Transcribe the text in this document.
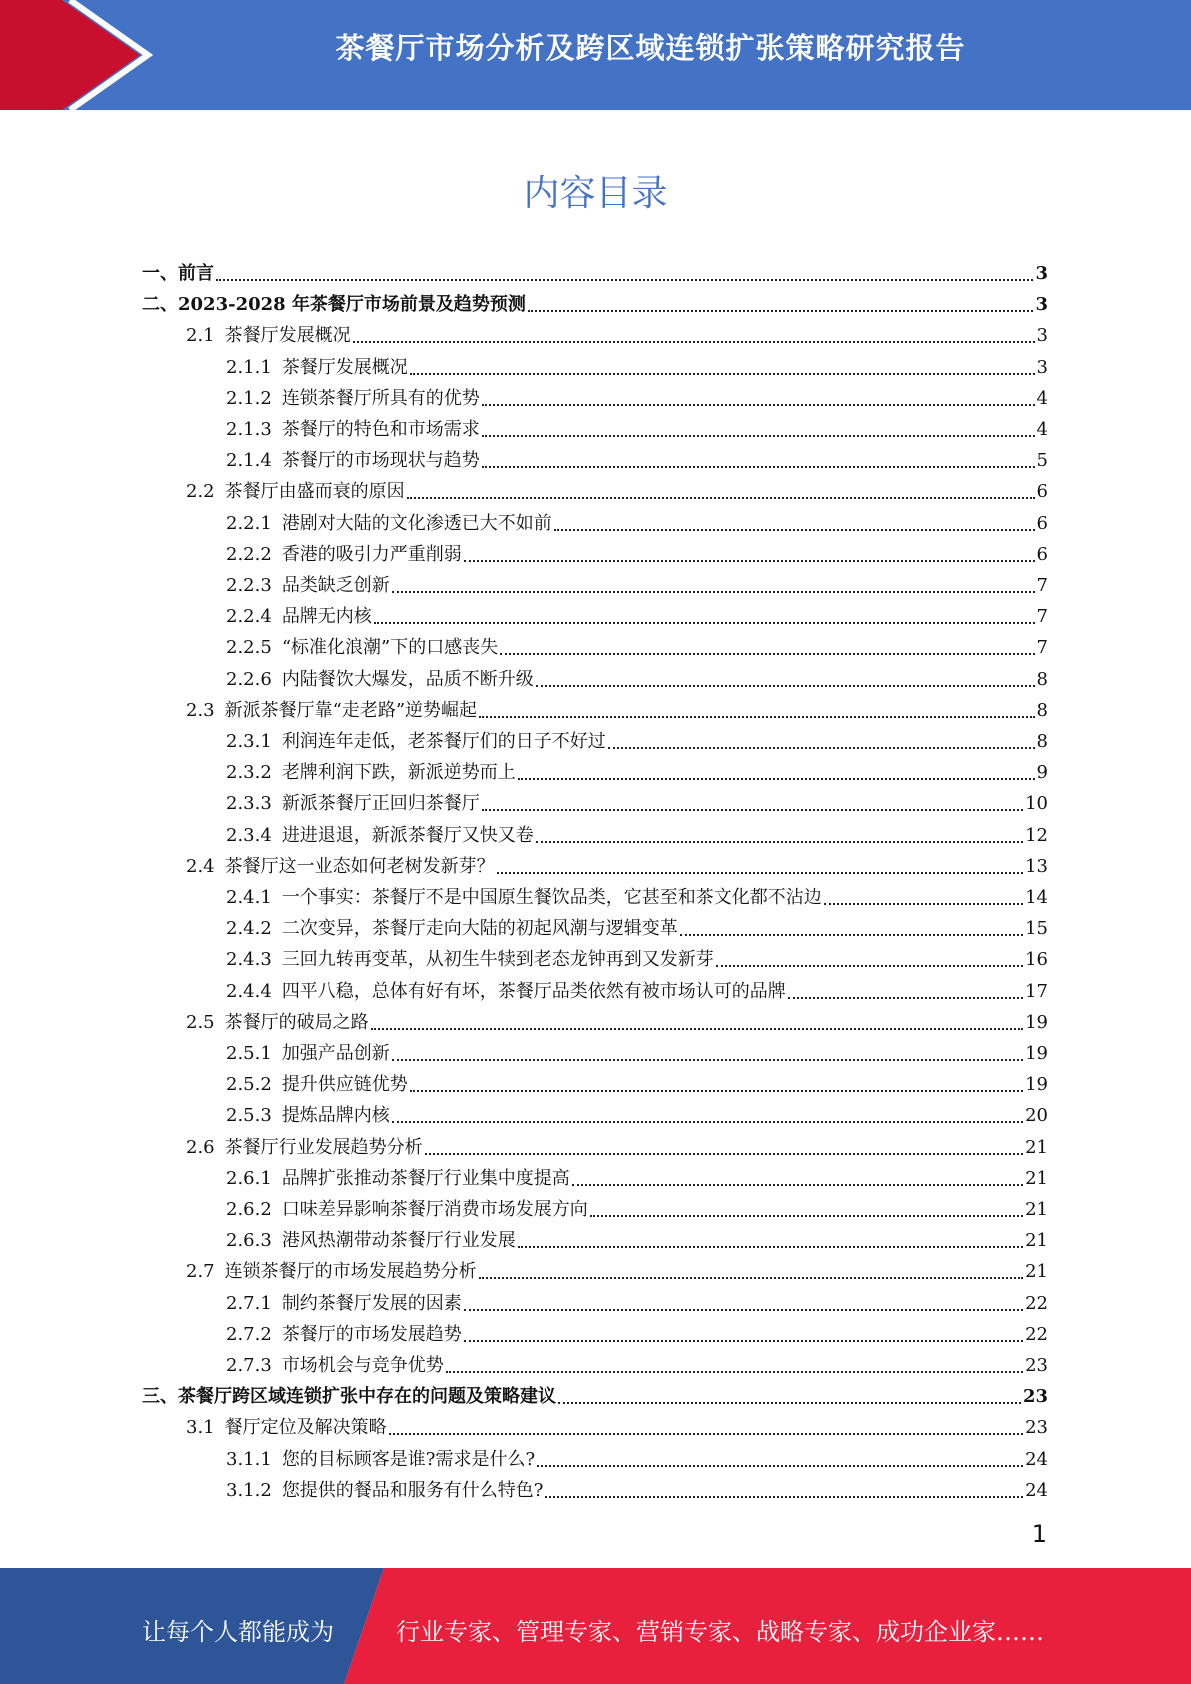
茶餐厅市场分析及跨区域连锁扩张策略研究报告
内容目录
一、 前言	3
二、 2023-2028 年茶餐厅市场前景及趋势预测	3
2.1 茶餐厅发展概况	3
2.1.1 茶餐厅发展概况	3
2.1.2 连锁茶餐厅所具有的优势	4
2.1.3 茶餐厅的特色和市场需求	4
2.1.4 茶餐厅的市场现状与趋势	5
2.2 茶餐厅由盛而衰的原因	6
2.2.1 港剧对大陆的文化渗透已大不如前	6
2.2.2 香港的吸引力严重削弱	6
2.2.3 品类缺乏创新	7
2.2.4 品牌无内核	7
2.2.5 “标准化浪潮”下的口感丧失	7
2.2.6 内陆餐饮大爆发，品质不断升级	8
2.3 新派茶餐厅靠“走老路”逆势崛起	8
2.3.1 利润连年走低，老茶餐厅们的日子不好过	8
2.3.2 老牌利润下跌，新派逆势而上	9
2.3.3 新派茶餐厅正回归茶餐厅	10
2.3.4 进进退退，新派茶餐厅又快又卷	12
2.4 茶餐厅这一业态如何老树发新芽？	13
2.4.1 一个事实：茶餐厅不是中国原生餐饮品类，它甚至和茶文化都不沾边	14
2.4.2 二次变异，茶餐厅走向大陆的初起风潮与逻辑变革	15
2.4.3 三回九转再变革，从初生牛犊到老态龙钟再到又发新芽	16
2.4.4 四平八稳，总体有好有坏，茶餐厅品类依然有被市场认可的品牌	17
2.5 茶餐厅的破局之路	19
2.5.1 加强产品创新	19
2.5.2 提升供应链优势	19
2.5.3 提炼品牌内核	20
2.6 茶餐厅行业发展趋势分析	21
2.6.1 品牌扩张推动茶餐厅行业集中度提高	21
2.6.2 口味差异影响茶餐厅消费市场发展方向	21
2.6.3 港风热潮带动茶餐厅行业发展	21
2.7 连锁茶餐厅的市场发展趋势分析	21
2.7.1 制约茶餐厅发展的因素	22
2.7.2 茶餐厅的市场发展趋势	22
2.7.3 市场机会与竞争优势	23
三、 茶餐厅跨区域连锁扩张中存在的问题及策略建议	23
3.1 餐厅定位及解决策略	23
3.1.1 您的目标顾客是谁?需求是什么?	24
3.1.2 您提供的餐品和服务有什么特色?	24
1
让每个人都能成为	行业专家、管理专家、营销专家、战略专家、成功企业家……
